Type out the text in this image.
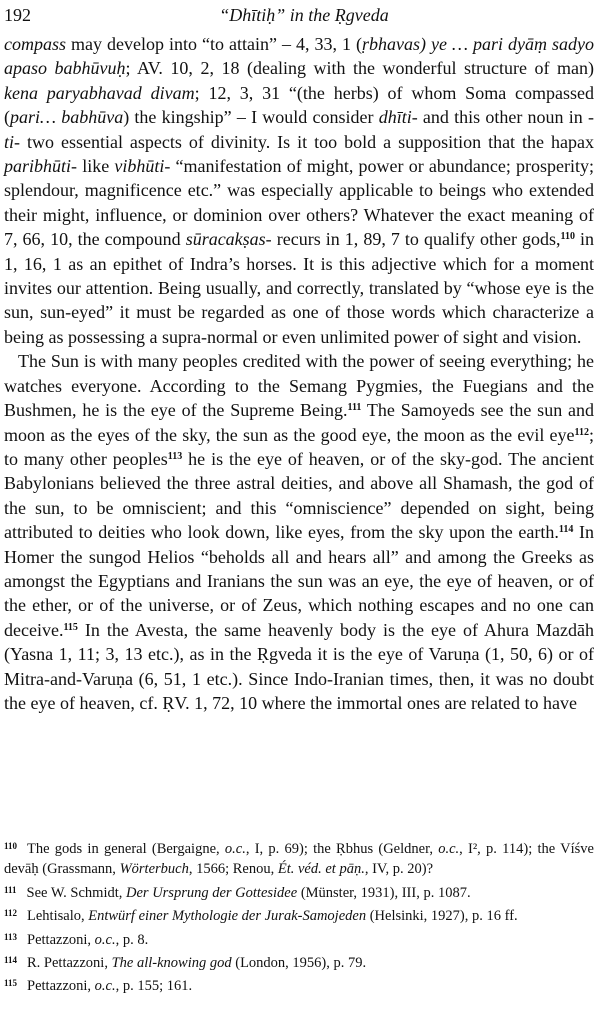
192	“Dhītiḥ” in the Ṛgveda

compass may develop into “to attain” – 4, 33, 1 (ṛbhavas) ye … pari dyāṃ sadyo apaso babhūvuḥ; AV. 10, 2, 18 (dealing with the wonderful structure of man) kena paryabhavad divam; 12, 3, 31 “(the herbs) of whom Soma compassed (pari… babhūva) the kingship” – I would consider dhīti- and this other noun in -ti- two essential aspects of divinity. Is it too bold a supposition that the hapax paribhūti- like vibhūti- “manifestation of might, power or abundance; prosperity; splendour, magnificence etc.” was especially applicable to beings who extended their might, influence, or dominion over others? Whatever the exact meaning of 7, 66, 10, the compound sūracakṣas- recurs in 1, 89, 7 to qualify other gods,$^{110}$ in 1, 16, 1 as an epithet of Indra’s horses. It is this adjective which for a moment invites our attention. Being usually, and correctly, translated by “whose eye is the sun, sun-eyed” it must be regarded as one of those words which characterize a being as possessing a supra-normal or even unlimited power of sight and vision.

The Sun is with many peoples credited with the power of seeing everything; he watches everyone. According to the Semang Pygmies, the Fuegians and the Bushmen, he is the eye of the Supreme Being.$^{111}$ The Samoyeds see the sun and moon as the eyes of the sky, the sun as the good eye, the moon as the evil eye$^{112}$; to many other peoples$^{113}$ he is the eye of heaven, or of the sky-god. The ancient Babylonians believed the three astral deities, and above all Shamash, the god of the sun, to be omniscient; and this “omniscience” depended on sight, being attributed to deities who look down, like eyes, from the sky upon the earth.$^{114}$ In Homer the sungod Helios “beholds all and hears all” and among the Greeks as amongst the Egyptians and Iranians the sun was an eye, the eye of heaven, or of the ether, or of the universe, or of Zeus, which nothing escapes and no one can deceive.$^{115}$ In the Avesta, the same heavenly body is the eye of Ahura Mazdāh (Yasna 1, 11; 3, 13 etc.), as in the Ṛgveda it is the eye of Varuṇa (1, 50, 6) or of Mitra-and-Varuṇa (6, 51, 1 etc.). Since Indo-Iranian times, then, it was no doubt the eye of heaven, cf. ṚV. 1, 72, 10 where the immortal ones are related to have

$^{110}$ The gods in general (Bergaigne, o.c., I, p. 69); the Ṛbhus (Geldner, o.c., I², p. 114); the Víśve devāḥ (Grassmann, Wörterbuch, 1566; Renou, Ét. véd. et pāṇ., IV, p. 20)?

$^{111}$ See W. Schmidt, Der Ursprung der Gottesidee (Münster, 1931), III, p. 1087.

$^{112}$ Lehtisalo, Entwürf einer Mythologie der Jurak-Samojeden (Helsinki, 1927), p. 16 ff.

$^{113}$ Pettazzoni, o.c., p. 8.

$^{114}$ R. Pettazzoni, The all-knowing god (London, 1956), p. 79.

$^{115}$ Pettazzoni, o.c., p. 155; 161.
